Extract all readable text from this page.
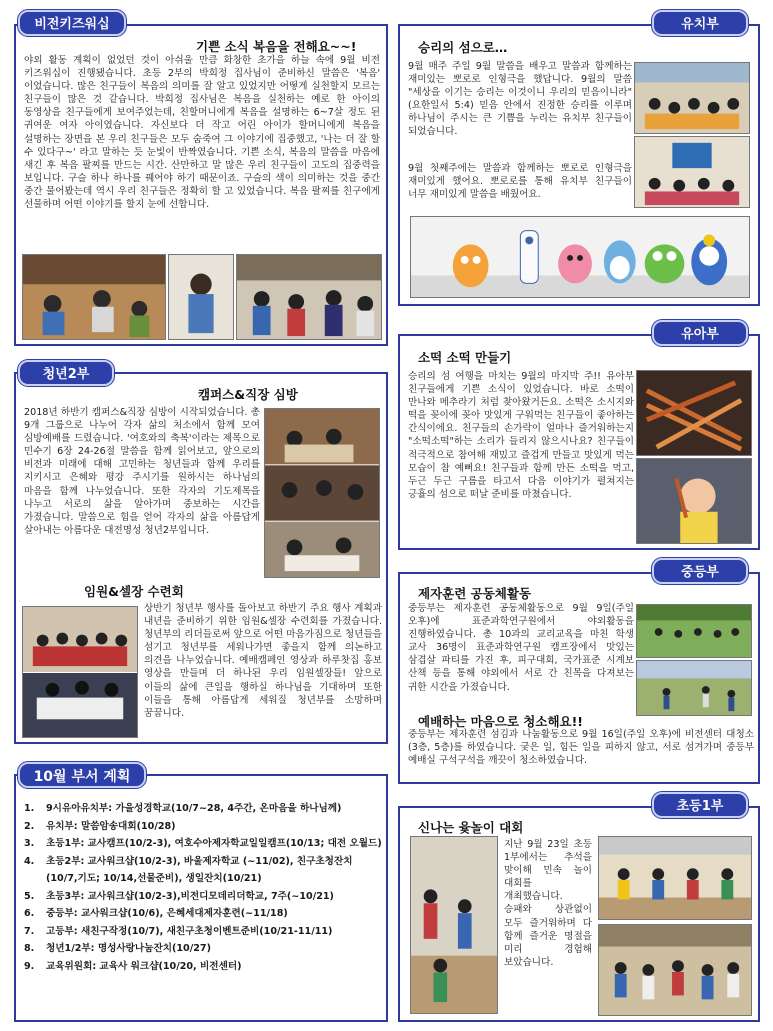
기쁜 소식 복음을 전해요~~!
야외 활동 계획이 없었던 것이 아쉬울 만큼 화창한 초가을 하늘 속에 9월 비전 키즈워십이 진행됐습니다. 초등 2부의 박희정 집사님이 준비하신 말씀은 '복음' 이었습니다. 많은 친구들이 복음의 의미를 잘 알고 있었지만 어떻게 실천할지 모르는 친구들이 많은 것 같습니다. 박희정 집사님은 복음을 실천하는 예로 한 아이의 동영상을 친구들에게 보여주었는데, 친할머니에게 복음을 설명하는 6~7살 정도 된 귀여운 여자 아이였습니다. 자신보다 더 작고 어린 아이가 할머니에게 복음을 설명하는 장면을 본 우리 친구들은 모두 숨죽여 그 이야기에 집중했고, '나는 더 잘 할 수 있다구~' 라고 말하는 듯 눈빛이 반짝였습니다. 기쁜 소식, 복음의 말씀을 마음에 새긴 후 복음 팔찌를 만드는 시간. 산만하고 말 많은 우리 친구들이 고도의 집중력을 보입니다. 구슬 하나 하나를 꿰어야 하기 때문이죠. 구슬의 색이 의미하는 것을 중간 중간 물어봤는데 역시 우리 친구들은 정확히 할 고 있었습니다. 복음 팔찌를 친구에게 선물하며 어떤 이야기를 할지 눈에 선합니다.
비전키즈워십
캠퍼스&직장 심방
2018년 하반기 캠퍼스&직장 심방이 시작되었습니다. 총 9개 그룹으로 나누어 각자 삶의 처소에서 함께 모여 심방예배를 드렸습니다. '여호와의 축복'이라는 제목으로 민수기 6장 24-26절 말씀을 함께 읽어보고, 앞으로의 비전과 미래에 대해 고민하는 청년들과 함께 우리를 지키시고 은혜와 평강 주시기를 원하시는 하나님의 마음을 함께 나누었습니다. 또한 각자의 기도제목을 나누고 서로의 삶을 알아가며 중보하는 시간을 가졌습니다. 말씀으로 힘을 얻어 각자의 삶을 아름답게 살아내는 아름다운 대전명성 청년2부입니다.
임원&셀장 수련회
상반기 청년부 행사를 돌아보고 하반기 주요 행사 계획과 내년을 준비하기 위한 임원&셀장 수련회를 가졌습니다. 청년부의 리더들로써 앞으로 어떤 마음가짐으로 청년들을 섬기고 청년부를 세워나가면 좋을지 함께 의논하고 의견을 나누었습니다. 예배캠페인 영상과 하루찻집 홍보 영상을 만들며 더 하나된 우리 임원셀장들! 앞으로 이들의 삶에 큰일을 행하실 하나님을 기대하며 또한 이들을 통해 아름답게 세워질 청년부를 소망하며 꿈꿉니다.
청년2부
1.	9시유아유치부: 가을성경학교(10/7~28, 4주간, 온마음을 하나님께)
2.	유치부: 말씀암송대회(10/28)
3.	초등1부: 교사캠프(10/2-3), 여호수아제자학교일일캠프(10/13; 대전 오월드)
4.	초등2부: 교사워크샵(10/2-3), 바울제자학교 (~11/02), 친구초청잔치(10/7,기도; 10/14,선물준비), 생일잔치(10/21)
5.	초등3부: 교사워크샵(10/2-3),비전디모데리더학교, 7주(~10/21)
6.	중등부: 교사워크샵(10/6), 은혜세대제자훈련(~11/18)
7.	고등부: 새친구작정(10/7), 새친구초청이벤트준비(10/21-11/11)
8.	청년1/2부: 명성사랑나눔잔치(10/27)
9.	교육위원회: 교육사 워크샵(10/20, 비전센터)
10월 부서 계획
승리의 섬으로…
9월 매주 주일 9월 말씀을 배우고 말씀과 함께하는 재미있는 뽀로로 인형극을 했답니다. 9월의 말씀 "세상을 이기는 승리는 이것이니 우리의 믿음이니라" (요한일서 5:4) 믿음 안에서 진정한 승리를 이루며 하나님이 주시는 큰 기쁨을 누리는 유치부 친구들이 되었습니다.
9월 첫째주에는 말씀과 함께하는 뽀로로 인형극을 재미있게 했어요. 뽀로로를 통해 유치부 친구들이 너무 재미있게 말씀을 배웠어요.
유치부
소떡 소떡 만들기
승리의 섬 여행을 마치는 9월의 마지막 주!! 유아부 친구들에게 기쁜 소식이 있었습니다. 바로 소떡이 만나와 메추라기 처럼 찾아왔거든요. 소떡은 소시지와 떡을 꽂이에 꽂아 맛있게 구워먹는 친구들이 좋아하는 간식이에요. 친구들의 손가락이 얼마나 즐거워하는지 "소떡소떡"하는 소리가 들리지 않으시나요? 친구들이 적극적으로 참여해 재밌고 즐겁게 만들고 맛있게 먹는 모습이 참 예뻐요! 친구들과 함께 만든 소떡을 먹고, 두근 두근 구름을 타고서 다음 이야기가 펼쳐지는 긍휼의 섬으로 떠날 준비를 마쳤습니다.
유아부
제자훈련 공동체활동
중등부는 제자훈련 공동체활동으로 9월 9일(주일 오후)에 표준과학연구원에서 야외활동을 진행하였습니다. 총 10과의 교리교육을 마친 학생 교사 36명이 표준과학연구원 캠프장에서 맛있는 삼겹살 파티를 가진 후, 피구대회, 국가표준 시계보 산책 등을 통해 야외에서 서로 간 친목을 다져보는 귀한 시간을 가졌습니다.
예배하는 마음으로 청소해요!!
중등부는 제자훈련 섬김과 나눔활동으로 9월 16일(주일 오후)에 비전센터 대청소(3층, 5층)를 하였습니다. 궂은 일, 힘든 일을 피하지 않고, 서로 섬겨가며 중등부 예배실 구석구석을 깨끗이 청소하였습니다.
중등부
신나는 윷놀이 대회
지난 9월 23일 초등 1부에서는 추석을 맞이해 민속 놀이 대회를 개최했습니다. 승패와 상관없이 모두 즐거워하며 다 함께 즐거운 명절을 미리 경험해 보았습니다.
초등1부
